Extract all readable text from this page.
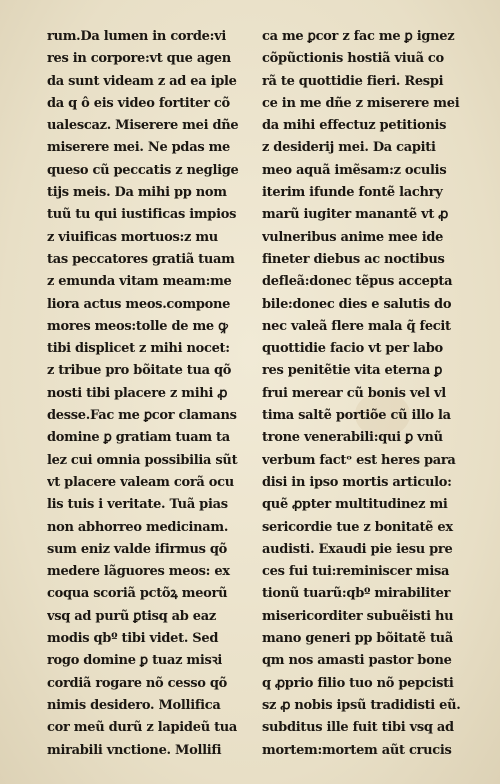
rum.Da lumen in corde:vi
res in corpore:vt que agen
da sunt videam z ad ea iple
da q ô eis video fortiter cõ
ualescaz. Miserere mei dñe
miserere mei. Ne pdas me
queso cũ peccatis z neglige
tijs meis. Da mihi pp nom
tuũ tu qui iustificas impios
z viuificas mortuos:z mu
tas peccatores gratiã tuam
z emunda vitam meam:me
liora actus meos.compone
mores meos:tolle de me ꝙ
tibi displicet z mihi nocet:
z tribue pro bõitate tua qõ
nosti tibi placere z mihi ꝓ
desse.Fac me ꝑcor clamans
domine ꝑ gratiam tuam ta
lez cui omnia possibilia sũt
vt placere valeam corã ocu
lis tuis i veritate. Tuã pias
non abhorreo medicinam.
sum eniz valde ifirmus qõ
medere lãguores meos: ex
coqua scoriã pctõꝝ meorũ
vsq ad purũ ꝑtisq ab eaz
modis qbº tibi videt. Sed
rogo domine ꝑ tuaz misꝛi
cordiã rogare nõ cesso qõ
nimis desidero. Mollifica
cor meũ durũ z lapideũ tua
mirabili vnctione. Mollifi
ca me ꝑcor z fac me ꝑ ignez
cõpũctionis hostiã viuã co
rã te quottidie fieri. Respi
ce in me dñe z miserere mei
da mihi effectuz petitionis
z desiderij mei. Da capiti
meo aquã imẽsam:z oculis
iterim ifunde fontẽ lachry
marũ iugiter manantẽ vt ꝓ
vulneribus anime mee ide
fineter diebus ac noctibus
defleã:donec tẽpus accepta
bile:donec dies e salutis do
nec valeã flere mala q̃ fecit
quottidie facio vt per labo
res penitẽtie vita eterna ꝑ
frui merear cũ bonis vel vl
tima saltẽ portiõe cũ illo la
trone venerabili:qui ꝑ vnũ
verbum factᵒ est heres para
disi in ipso mortis articulo:
quẽ ꝓpter multitudinez mi
sericordie tue z bonitatẽ ex
audisti. Exaudi pie iesu pre
ces fui tui:reminiscer misa
tionũ tuarũ:qbº mirabiliter
misericorditer subuẽisti hu
mano generi pp bõitatẽ tuã
qm nos amasti pastor bone
q ꝓprio filio tuo nõ pepcisti
sz ꝓ nobis ipsũ tradidisti eũ.
subditus ille fuit tibi vsq ad
mortem:mortem aũt crucis
